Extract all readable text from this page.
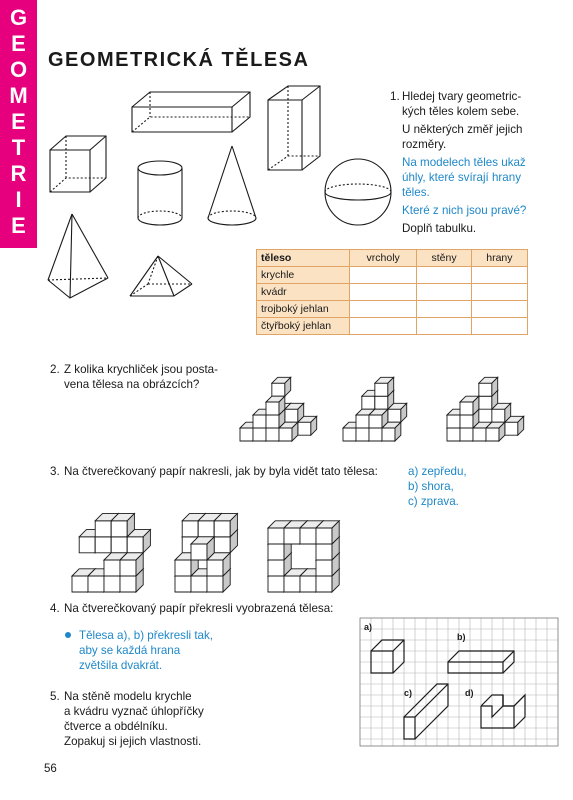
G
E
O
M
E
T
R
I
E
GEOMETRICKÁ TĚLESA
1. Hledej tvary geometric-
kých těles kolem sebe.
U některých změř jejich
rozměry.
Na modelech těles ukaž
úhly, které svírají hrany
těles.
Které z nich jsou pravé?
Doplň tabulku.
těleso	vrcholy	stěny	hrany
krychle			
kvádr			
trojboký jehlan			
čtyřboký jehlan			
2. Z kolika krychliček jsou posta-
vena tělesa na obrázcích?
3. Na čtverečkovaný papír nakresli, jak by byla vidět tato tělesa:	a) zepředu,
b) shora,
c) zprava.
4. Na čtverečkovaný papír překresli vyobrazená tělesa:
Tělesa a), b) překresli tak,
aby se každá hrana
zvětšila dvakrát.
5. Na stěně modelu krychle
a kvádru vyznač úhlopříčky
čtverce a obdélníku.
Zopakuj si jejich vlastnosti.
a)
b)
c)	d)
56
